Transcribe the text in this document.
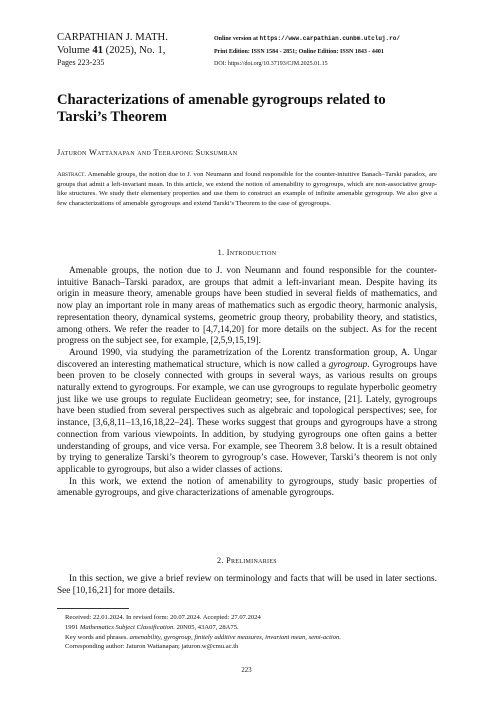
CARPATHIAN J. MATH.
Volume 41 (2025), No. 1,
Pages 223-235
Online version at https://www.carpathian.cunbm.utcluj.ro/
Print Edition: ISSN 1584 - 2851; Online Edition: ISSN 1843 - 4401
DOI: https://doi.org/10.37193/CJM.2025.01.15
Characterizations of amenable gyrogroups related to Tarski’s Theorem
Jaturon Wattanapan and Teerapong Suksumran

Abstract. Amenable groups, the notion due to J. von Neumann and found responsible for the counter-intuitive Banach–Tarski paradox, are groups that admit a left-invariant mean. In this article, we extend the notion of amenability to gyrogroups, which are non-associative group-like structures. We study their elementary properties and use them to construct an example of infinite amenable gyrogroup. We also give a few characterizations of amenable gyrogroups and extend Tarski’s Theorem to the case of gyrogroups.

1. Introduction

Amenable groups, the notion due to J. von Neumann and found responsible for the counter-intuitive Banach–Tarski paradox, are groups that admit a left-invariant mean. Despite having its origin in measure theory, amenable groups have been studied in several fields of mathematics, and now play an important role in many areas of mathematics such as ergodic theory, harmonic analysis, representation theory, dynamical systems, geometric group theory, probability theory, and statistics, among others. We refer the reader to [4,7,14,20] for more details on the subject. As for the recent progress on the subject see, for example, [2,5,9,15,19].

Around 1990, via studying the parametrization of the Lorentz transformation group, A. Ungar discovered an interesting mathematical structure, which is now called a gyrogroup. Gyrogroups have been proven to be closely connected with groups in several ways, as various results on groups naturally extend to gyrogroups. For example, we can use gyrogroups to regulate hyperbolic geometry just like we use groups to regulate Euclidean geometry; see, for instance, [21]. Lately, gyrogroups have been studied from several perspectives such as algebraic and topological perspectives; see, for instance, [3,6,8,11–13,16,18,22–24]. These works suggest that groups and gyrogroups have a strong connection from various viewpoints. In addition, by studying gyrogroups one often gains a better understanding of groups, and vice versa. For example, see Theorem 3.8 below. It is a result obtained by trying to generalize Tarski’s theorem to gyrogroup’s case. However, Tarski’s theorem is not only applicable to gyrogroups, but also a wider classes of actions.

In this work, we extend the notion of amenability to gyrogroups, study basic properties of amenable gyrogroups, and give characterizations of amenable gyrogroups.

2. Preliminaries

In this section, we give a brief review on terminology and facts that will be used in later sections. See [10,16,21] for more details.

Received: 22.01.2024. In revised form: 20.07.2024. Accepted: 27.07.2024
1991 Mathematics Subject Classification. 20N05, 43A07, 28A75.
Key words and phrases. amenability, gyrogroup, finitely additive measures, invariant mean, semi-action.
Corresponding author: Jaturon Wattanapan; jaturon.w@cmu.ac.th
223
